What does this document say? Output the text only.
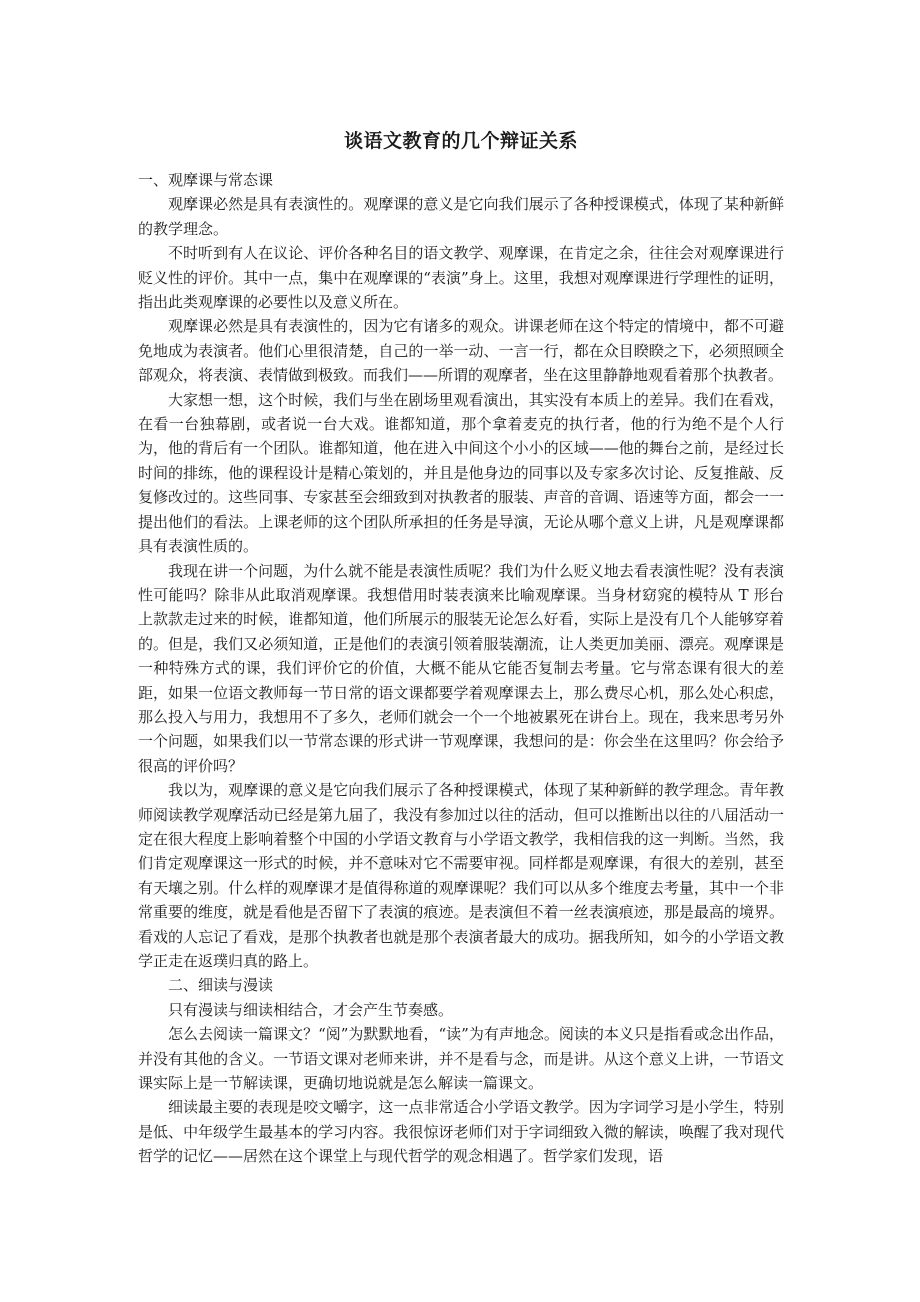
谈语文教育的几个辩证关系

一、观摩课与常态课

观摩课必然是具有表演性的。观摩课的意义是它向我们展示了各种授课模式，体现了某种新鲜的教学理念。

不时听到有人在议论、评价各种名目的语文教学、观摩课，在肯定之余，往往会对观摩课进行贬义性的评价。其中一点，集中在观摩课的“表演”身上。这里，我想对观摩课进行学理性的证明，指出此类观摩课的必要性以及意义所在。

观摩课必然是具有表演性的，因为它有诸多的观众。讲课老师在这个特定的情境中，都不可避免地成为表演者。他们心里很清楚，自己的一举一动、一言一行，都在众目睽睽之下，必须照顾全部观众，将表演、表情做到极致。而我们——所谓的观摩者，坐在这里静静地观看着那个执教者。

大家想一想，这个时候，我们与坐在剧场里观看演出，其实没有本质上的差异。我们在看戏，在看一台独幕剧，或者说一台大戏。谁都知道，那个拿着麦克的执行者，他的行为绝不是个人行为，他的背后有一个团队。谁都知道，他在进入中间这个小小的区域——他的舞台之前，是经过长时间的排练，他的课程设计是精心策划的，并且是他身边的同事以及专家多次讨论、反复推敲、反复修改过的。这些同事、专家甚至会细致到对执教者的服装、声音的音调、语速等方面，都会一一提出他们的看法。上课老师的这个团队所承担的任务是导演，无论从哪个意义上讲，凡是观摩课都具有表演性质的。

我现在讲一个问题，为什么就不能是表演性质呢？我们为什么贬义地去看表演性呢？没有表演性可能吗？除非从此取消观摩课。我想借用时装表演来比喻观摩课。当身材窈窕的模特从 T 形台上款款走过来的时候，谁都知道，他们所展示的服装无论怎么好看，实际上是没有几个人能够穿着的。但是，我们又必须知道，正是他们的表演引领着服装潮流，让人类更加美丽、漂亮。观摩课是一种特殊方式的课，我们评价它的价值，大概不能从它能否复制去考量。它与常态课有很大的差距，如果一位语文教师每一节日常的语文课都要学着观摩课去上，那么费尽心机，那么处心积虑，那么投入与用力，我想用不了多久，老师们就会一个一个地被累死在讲台上。现在，我来思考另外一个问题，如果我们以一节常态课的形式讲一节观摩课，我想问的是：你会坐在这里吗？你会给予很高的评价吗？

我以为，观摩课的意义是它向我们展示了各种授课模式，体现了某种新鲜的教学理念。青年教师阅读教学观摩活动已经是第九届了，我没有参加过以往的活动，但可以推断出以往的八届活动一定在很大程度上影响着整个中国的小学语文教育与小学语文教学，我相信我的这一判断。当然，我们肯定观摩课这一形式的时候，并不意味对它不需要审视。同样都是观摩课，有很大的差别，甚至有天壤之别。什么样的观摩课才是值得称道的观摩课呢？我们可以从多个维度去考量，其中一个非常重要的维度，就是看他是否留下了表演的痕迹。是表演但不着一丝表演痕迹，那是最高的境界。看戏的人忘记了看戏，是那个执教者也就是那个表演者最大的成功。据我所知，如今的小学语文教学正走在返璞归真的路上。

二、细读与漫读

只有漫读与细读相结合，才会产生节奏感。

怎么去阅读一篇课文？“阅”为默默地看，“读”为有声地念。阅读的本义只是指看或念出作品，并没有其他的含义。一节语文课对老师来讲，并不是看与念，而是讲。从这个意义上讲，一节语文课实际上是一节解读课，更确切地说就是怎么解读一篇课文。

细读最主要的表现是咬文嚼字，这一点非常适合小学语文教学。因为字词学习是小学生，特别是低、中年级学生最基本的学习内容。我很惊讶老师们对于字词细致入微的解读，唤醒了我对现代哲学的记忆——居然在这个课堂上与现代哲学的观念相遇了。哲学家们发现，语
